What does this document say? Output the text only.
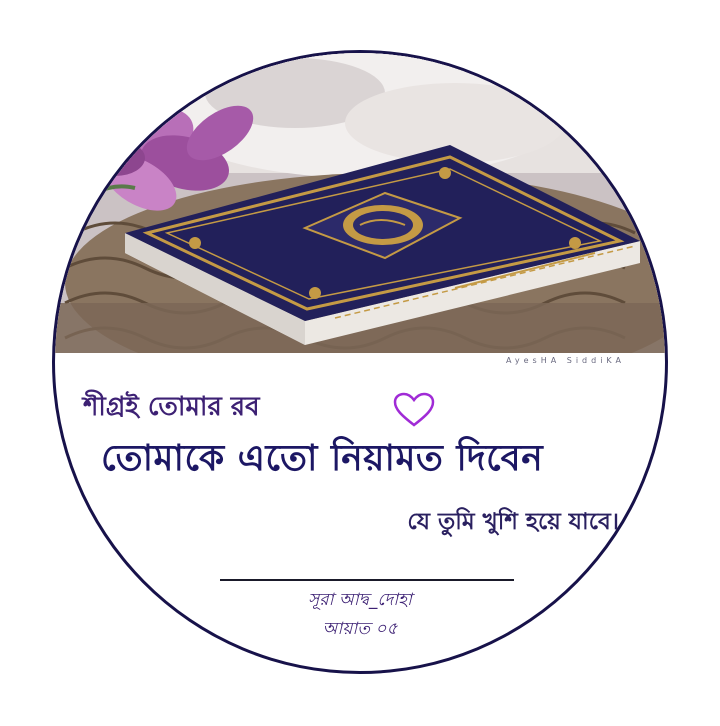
AyesHA SiddiKA
শীগ্রই তোমার রব
তোমাকে এতো নিয়ামত দিবেন
যে তুমি খুশি হয়ে যাবে।
সূরা আদ্ব_দোহা
আয়াত ০৫
